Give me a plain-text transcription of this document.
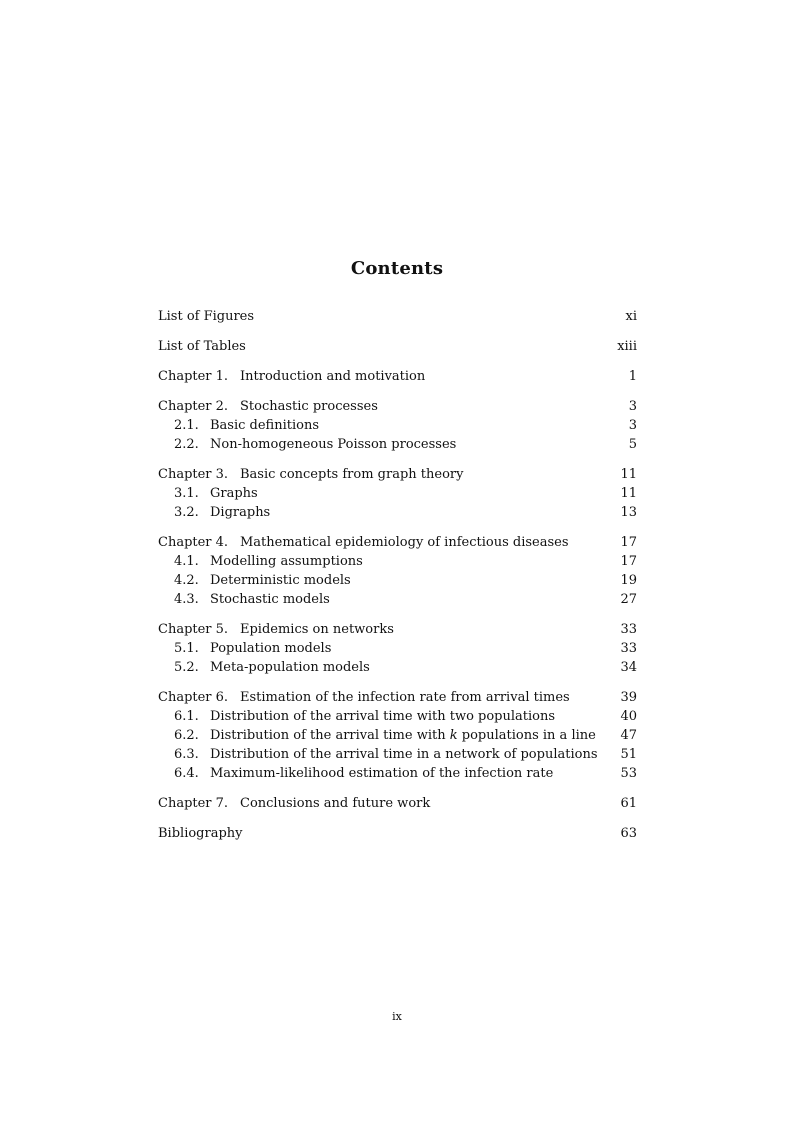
Contents
List of Figures	xi
List of Tables	xiii
Chapter 1. Introduction and motivation	1
Chapter 2. Stochastic processes	3
2.1. Basic definitions	3
2.2. Non-homogeneous Poisson processes	5
Chapter 3. Basic concepts from graph theory	11
3.1. Graphs	11
3.2. Digraphs	13
Chapter 4. Mathematical epidemiology of infectious diseases	17
4.1. Modelling assumptions	17
4.2. Deterministic models	19
4.3. Stochastic models	27
Chapter 5. Epidemics on networks	33
5.1. Population models	33
5.2. Meta-population models	34
Chapter 6. Estimation of the infection rate from arrival times	39
6.1. Distribution of the arrival time with two populations	40
6.2. Distribution of the arrival time with k populations in a line 47
6.3. Distribution of the arrival time in a network of populations 51
6.4. Maximum-likelihood estimation of the infection rate	53
Chapter 7. Conclusions and future work	61
Bibliography	63
ix
